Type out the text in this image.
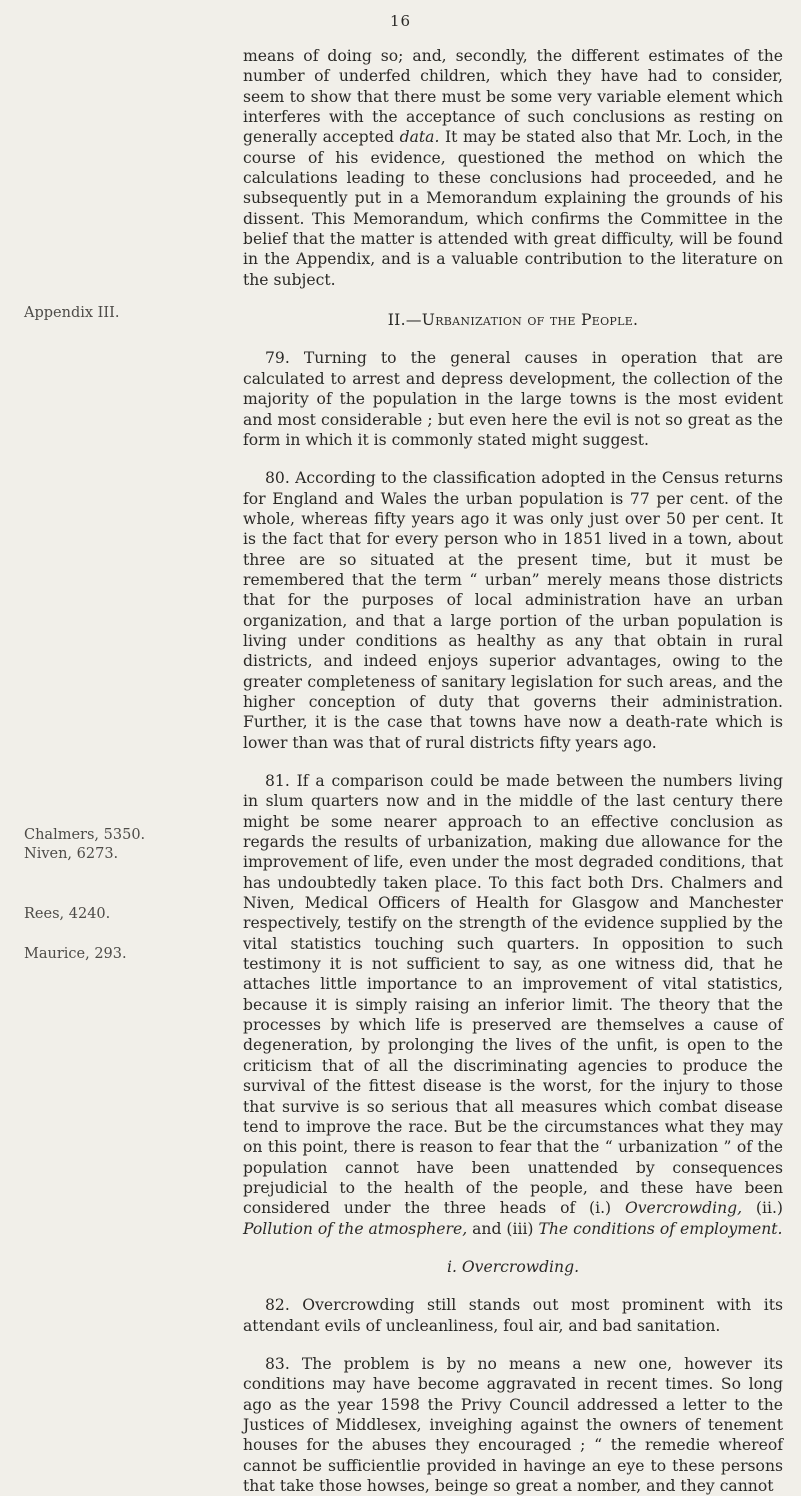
16
Appendix III.
Chalmers, 5350.
Niven, 6273.
Rees, 4240.
Maurice, 293.

means of doing so; and, secondly, the different estimates of the number of underfed children, which they have had to consider, seem to show that there must be some very variable element which interferes with the acceptance of such conclusions as resting on generally accepted data. It may be stated also that Mr. Loch, in the course of his evidence, questioned the method on which the calculations leading to these conclusions had proceeded, and he subsequently put in a Memorandum explaining the grounds of his dissent. This Memorandum, which confirms the Committee in the belief that the matter is attended with great difficulty, will be found in the Appendix, and is a valuable contribution to the literature on the subject.

II.—Urbanization of the People.

79. Turning to the general causes in operation that are calculated to arrest and depress development, the collection of the majority of the population in the large towns is the most evident and most considerable ; but even here the evil is not so great as the form in which it is commonly stated might suggest.

80. According to the classification adopted in the Census returns for England and Wales the urban population is 77 per cent. of the whole, whereas fifty years ago it was only just over 50 per cent. It is the fact that for every person who in 1851 lived in a town, about three are so situated at the present time, but it must be remembered that the term “ urban” merely means those districts that for the purposes of local administration have an urban organization, and that a large portion of the urban population is living under conditions as healthy as any that obtain in rural districts, and indeed enjoys superior advantages, owing to the greater completeness of sanitary legislation for such areas, and the higher conception of duty that governs their administration. Further, it is the case that towns have now a death-rate which is lower than was that of rural districts fifty years ago.

81. If a comparison could be made between the numbers living in slum quarters now and in the middle of the last century there might be some nearer approach to an effective conclusion as regards the results of urbanization, making due allowance for the improvement of life, even under the most degraded conditions, that has undoubtedly taken place. To this fact both Drs. Chalmers and Niven, Medical Officers of Health for Glasgow and Manchester respectively, testify on the strength of the evidence supplied by the vital statistics touching such quarters. In opposition to such testimony it is not sufficient to say, as one witness did, that he attaches little importance to an improvement of vital statistics, because it is simply raising an inferior limit. The theory that the processes by which life is preserved are themselves a cause of degeneration, by prolonging the lives of the unfit, is open to the criticism that of all the discriminating agencies to produce the survival of the fittest disease is the worst, for the injury to those that survive is so serious that all measures which combat disease tend to improve the race. But be the circumstances what they may on this point, there is reason to fear that the “ urbanization ” of the population cannot have been unattended by consequences prejudicial to the health of the people, and these have been considered under the three heads of (i.) Overcrowding, (ii.) Pollution of the atmosphere, and (iii) The conditions of employment.

i. Overcrowding.

82. Overcrowding still stands out most prominent with its attendant evils of uncleanliness, foul air, and bad sanitation.

83. The problem is by no means a new one, however its conditions may have become aggravated in recent times. So long ago as the year 1598 the Privy Council addressed a letter to the Justices of Middlesex, inveighing against the owners of tenement houses for the abuses they encouraged ; “ the remedie whereof cannot be sufficientlie provided in havinge an eye to these persons that take those howses, beinge so great a nomber, and they cannot
